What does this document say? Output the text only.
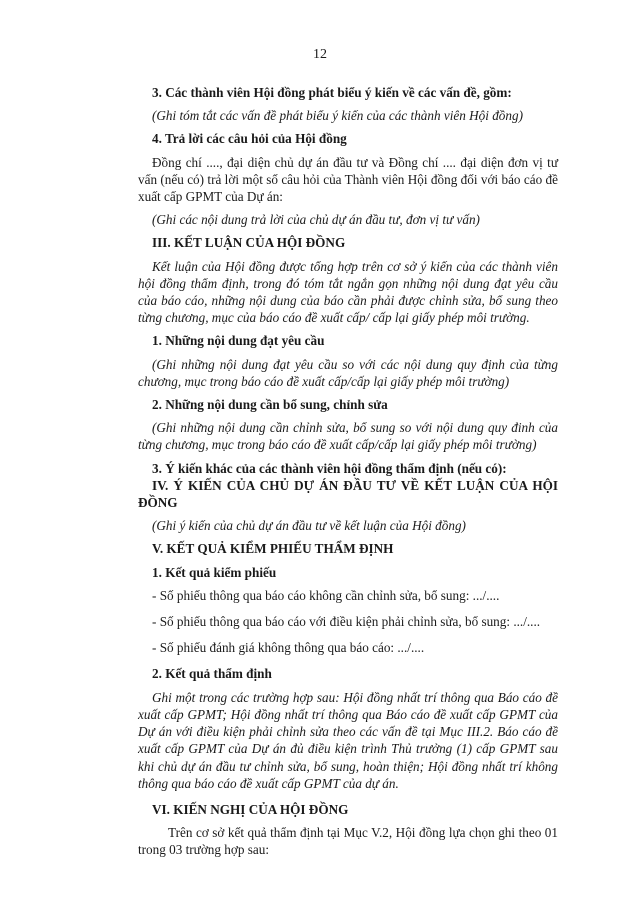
12

3. Các thành viên Hội đồng phát biểu ý kiến về các vấn đề, gồm:

(Ghi tóm tắt các vấn đề phát biểu ý kiến của các thành viên Hội đồng)

4. Trả lời các câu hỏi của Hội đồng

Đồng chí ...., đại diện chủ dự án đầu tư và Đồng chí .... đại diện đơn vị tư vấn (nếu có) trả lời một số câu hỏi của Thành viên Hội đồng đối với báo cáo đề xuất cấp GPMT của Dự án:

(Ghi các nội dung trả lời của chủ dự án đầu tư, đơn vị tư vấn)

III. KẾT LUẬN CỦA HỘI ĐỒNG

Kết luận của Hội đồng được tổng hợp trên cơ sở ý kiến của các thành viên hội đồng thẩm định, trong đó tóm tắt ngắn gọn những nội dung đạt yêu cầu của báo cáo, những nội dung của báo cần phải được chỉnh sửa, bổ sung theo từng chương, mục của báo cáo đề xuất cấp/ cấp lại giấy phép môi trường.

1. Những nội dung đạt yêu cầu

(Ghi những nội dung đạt yêu cầu so với các nội dung quy định của từng chương, mục trong báo cáo đề xuất cấp/cấp lại giấy phép môi trường)

2. Những nội dung cần bổ sung, chỉnh sửa

(Ghi những nội dung cần chỉnh sửa, bổ sung so với nội dung quy đinh của từng chương, mục trong báo cáo đề xuất cấp/cấp lại giấy phép môi trường)

3. Ý kiến khác của các thành viên hội đồng thẩm định (nếu có):

IV. Ý KIẾN CỦA CHỦ DỰ ÁN ĐẦU TƯ VỀ KẾT LUẬN CỦA HỘI ĐỒNG

(Ghi ý kiến của chủ dự án đầu tư về kết luận của Hội đồng)

V. KẾT QUẢ KIỂM PHIẾU THẨM ĐỊNH

1. Kết quả kiểm phiếu

- Số phiếu thông qua báo cáo không cần chỉnh sửa, bổ sung: .../....

- Số phiếu thông qua báo cáo với điều kiện phải chỉnh sửa, bổ sung: .../....

- Số phiếu đánh giá không thông qua báo cáo: .../....

2. Kết quả thẩm định

Ghi một trong các trường hợp sau: Hội đồng nhất trí thông qua Báo cáo đề xuất cấp GPMT; Hội đồng nhất trí thông qua Báo cáo đề xuất cấp GPMT của Dự án với điều kiện phải chỉnh sửa theo các vấn đề tại Mục III.2. Báo cáo đề xuất cấp GPMT của Dự án đủ điều kiện trình Thủ trưởng (1) cấp GPMT sau khi chủ dự án đầu tư chỉnh sửa, bổ sung, hoàn thiện; Hội đồng nhất trí không thông qua báo cáo đề xuất cấp GPMT của dự án.

VI. KIẾN NGHỊ CỦA HỘI ĐỒNG

Trên cơ sở kết quả thẩm định tại Mục V.2, Hội đồng lựa chọn ghi theo 01 trong 03 trường hợp sau:
